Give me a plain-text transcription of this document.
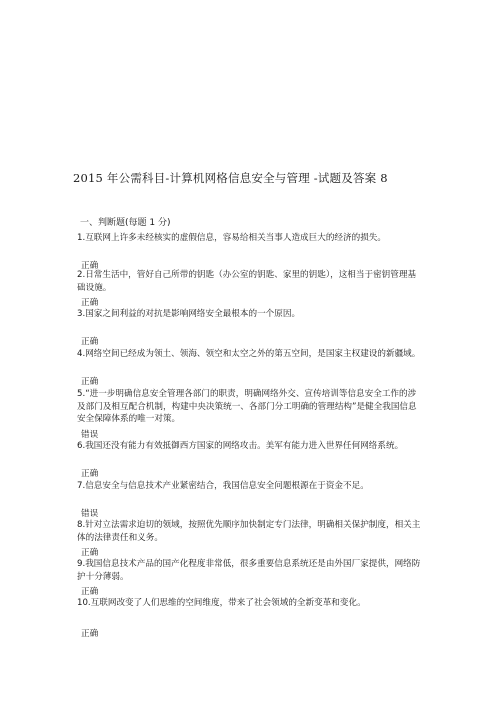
2015 年公需科目-计算机网格信息安全与管理 -试题及答案 8
一、判断题(每题 1 分)
1.互联网上许多未经核实的虚假信息，容易给相关当事人造成巨大的经济的损失。
正确
2.日常生活中，管好自己所带的钥匙（办公室的钥匙、家里的钥匙），这相当于密钥管理基础设施。
正确
3.国家之间利益的对抗是影响网络安全最根本的一个原因。
正确
4.网络空间已经成为领土、领海、领空和太空之外的第五空间，是国家主权建设的新疆域。
正确
5.“进一步明确信息安全管理各部门的职责，明确网络外交、宣传培训等信息安全工作的涉及部门及相互配合机制，构建中央决策统一、各部门分工明确的管理结构”是健全我国信息安全保障体系的唯一对策。
错误
6.我国还没有能力有效抵御西方国家的网络攻击。美军有能力进入世界任何网络系统。
正确
7.信息安全与信息技术产业紧密结合，我国信息安全问题根源在于资金不足。
错误
8.针对立法需求迫切的领域，按照优先顺序加快制定专门法律，明确相关保护制度，相关主体的法律责任和义务。
正确
9.我国信息技术产品的国产化程度非常低，很多重要信息系统还是由外国厂家提供，网络防护十分薄弱。
正确
10.互联网改变了人们思维的空间维度，带来了社会领域的全新变革和变化。
正确
